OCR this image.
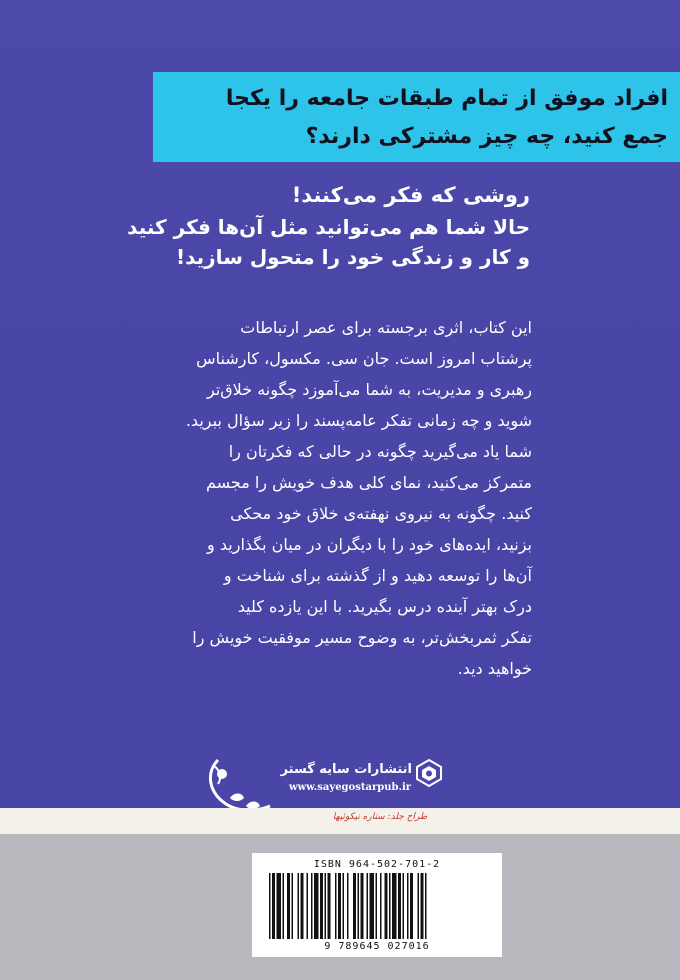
افراد موفق از تمام طبقات جامعه را یکجا
جمع کنید، چه چیز مشترکی دارند؟
روشی که فکر می‌کنند!
حالا شما هم می‌توانید مثل آن‌ها فکر کنید
و کار و زندگی خود را متحول سازید!
این کتاب، اثری برجسته برای عصر ارتباطات
پرشتاب امروز است. جان سی. مکسول، کارشناس
رهبری و مدیریت، به شما می‌آموزد چگونه خلاق‌تر
شوید و چه زمانی تفکر عامه‌پسند را زیر سؤال ببرید.
شما یاد می‌گیرید چگونه در حالی که فکرتان را
متمرکز می‌کنید، نمای کلی هدف خویش را مجسم
کنید. چگونه به نیروی نهفته‌ی خلاق خود محکی
بزنید، ایده‌های خود را با دیگران در میان بگذارید و
آن‌ها را توسعه دهید و از گذشته برای شناخت و
درک بهتر آینده درس بگیرید. با این یازده کلید
تفکر ثمربخش‌تر، به وضوح مسیر موفقیت خویش را
خواهید دید.
انتشارات سایه گستر
www.sayegostarpub.ir
طراح جلد: ستاره نیکوئیها
ISBN 964-502-701-2
9 789645 027016
